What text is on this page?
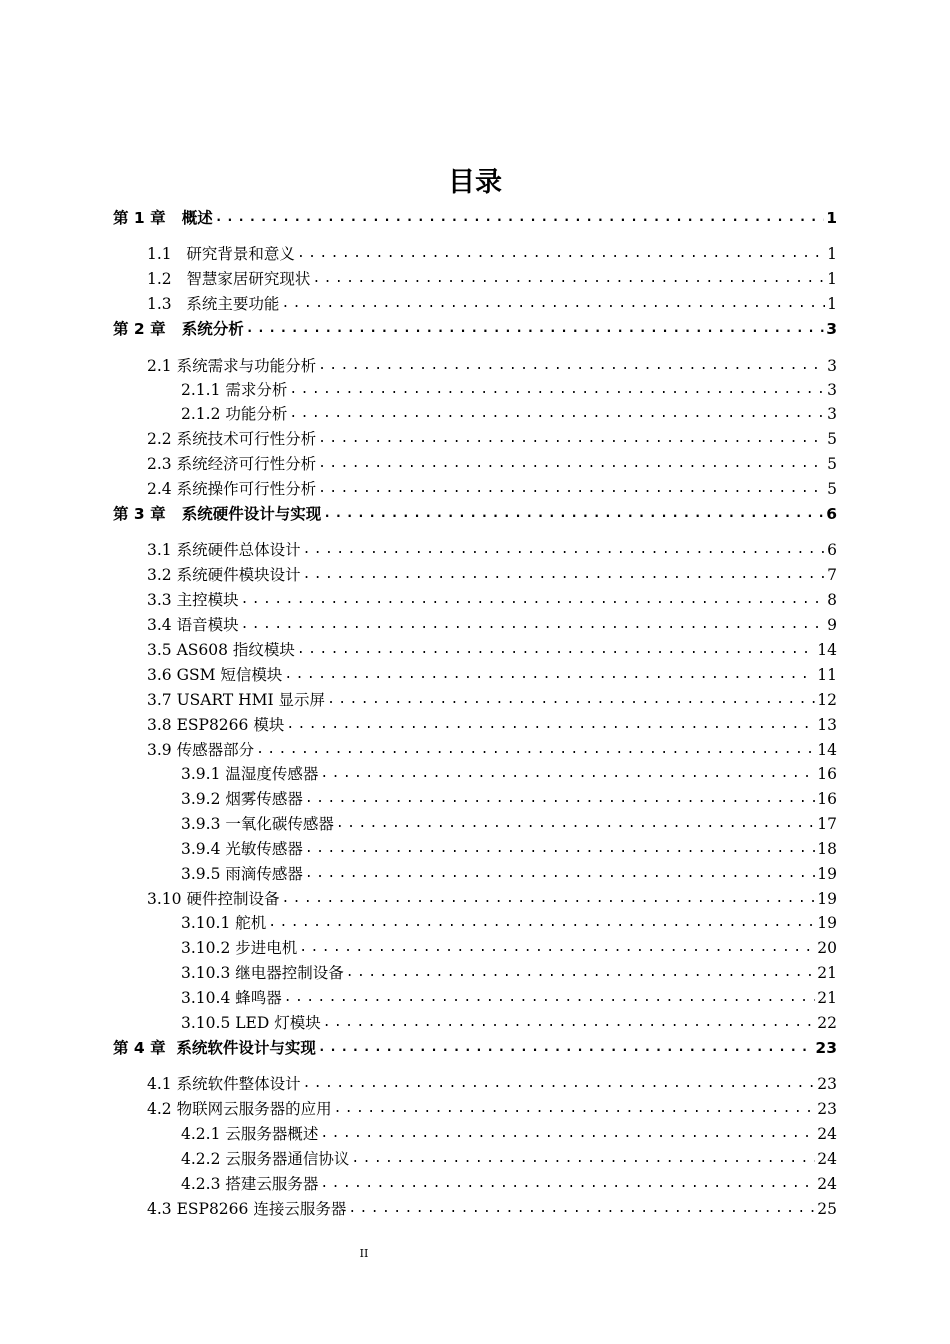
目录
第 1 章   概述 .....	1
1.1   研究背景和意义 .....	1
1.2   智慧家居研究现状 .....	1
1.3   系统主要功能 .....	1
第 2 章   系统分析 .....	3
2.1 系统需求与功能分析 .....	3
2.1.1 需求分析 .....	3
2.1.2 功能分析 .....	3
2.2 系统技术可行性分析 .....	5
2.3 系统经济可行性分析 .....	5
2.4 系统操作可行性分析 .....	5
第 3 章   系统硬件设计与实现 .....	6
3.1 系统硬件总体设计 .....	6
3.2 系统硬件模块设计 .....	7
3.3 主控模块 .....	8
3.4 语音模块 .....	9
3.5 AS608 指纹模块 .....	14
3.6 GSM 短信模块 .....	11
3.7 USART HMI 显示屏 .....	12
3.8 ESP8266 模块 .....	13
3.9 传感器部分 .....	14
3.9.1 温湿度传感器 .....	16
3.9.2 烟雾传感器 .....	16
3.9.3 一氧化碳传感器 .....	17
3.9.4 光敏传感器 .....	18
3.9.5 雨滴传感器 .....	19
3.10 硬件控制设备 .....	19
3.10.1 舵机 .....	19
3.10.2 步进电机 .....	20
3.10.3 继电器控制设备 .....	21
3.10.4 蜂鸣器 .....	21
3.10.5 LED 灯模块 .....	22
第 4 章  系统软件设计与实现 .....	23
4.1 系统软件整体设计 .....	23
4.2 物联网云服务器的应用 .....	23
4.2.1 云服务器概述 .....	24
4.2.2 云服务器通信协议 .....	24
4.2.3 搭建云服务器 .....	24
4.3 ESP8266 连接云服务器 .....	25
II
